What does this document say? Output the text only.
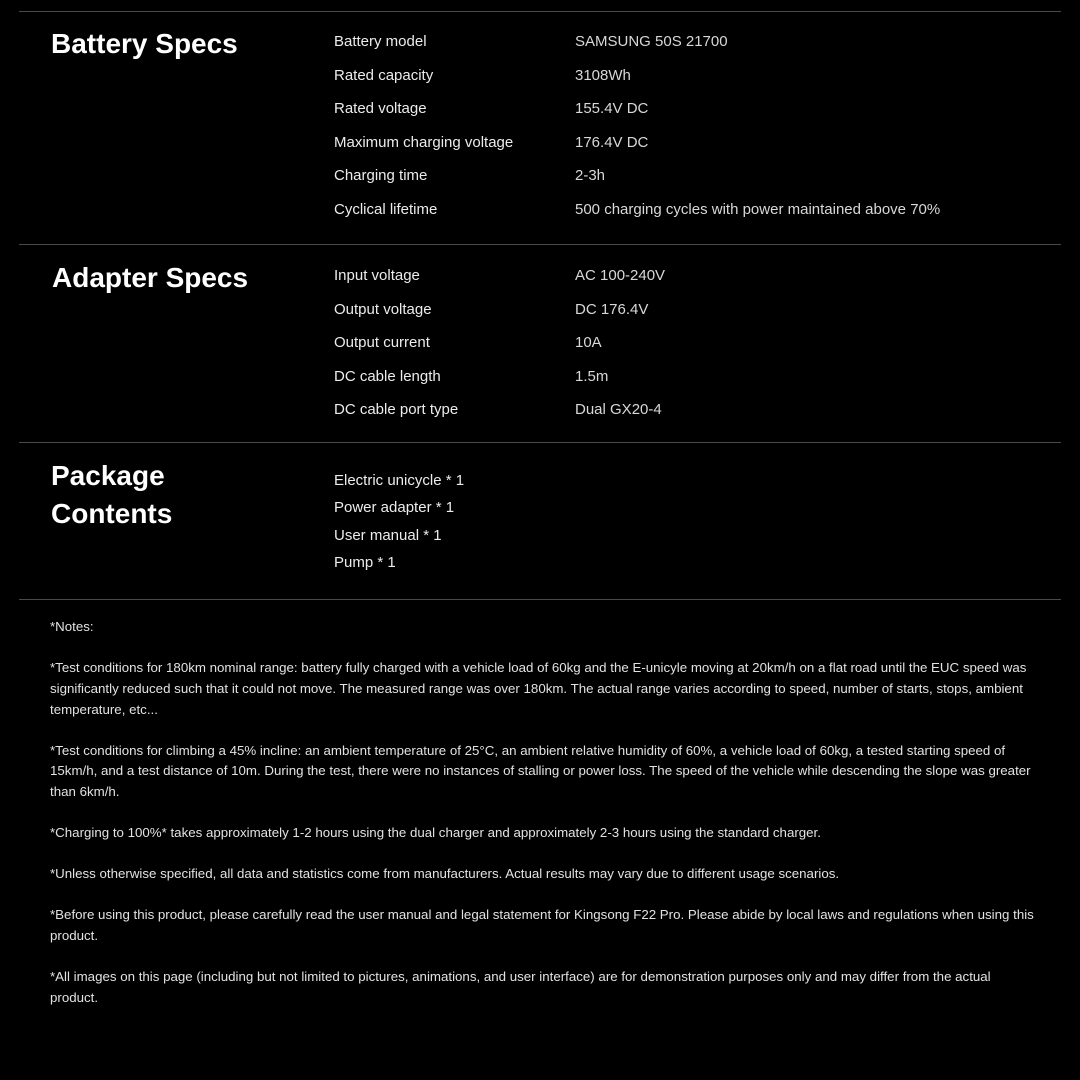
Battery Specs	Battery model	SAMSUNG 50S 21700
Rated capacity	3108Wh
Rated voltage	155.4V DC
Maximum charging voltage	176.4V DC
Charging time	2-3h
Cyclical lifetime	500 charging cycles with power maintained above 70%
Adapter Specs	Input voltage	AC 100-240V
Output voltage	DC 176.4V
Output current	10A
DC cable length	1.5m
DC cable port type	Dual GX20-4
Package
Contents
Electric unicycle * 1
Power adapter * 1
User manual * 1
Pump * 1

*Notes:

*Test conditions for 180km nominal range: battery fully charged with a vehicle load of 60kg and the E-unicyle moving at 20km/h on a flat road until the EUC speed was significantly reduced such that it could not move. The measured range was over 180km. The actual range varies according to speed, number of starts, stops, ambient temperature, etc...

*Test conditions for climbing a 45% incline: an ambient temperature of 25°C, an ambient relative humidity of 60%, a vehicle load of 60kg, a tested starting speed of 15km/h, and a test distance of 10m. During the test, there were no instances of stalling or power loss. The speed of the vehicle while descending the slope was greater than 6km/h.

*Charging to 100%* takes approximately 1-2 hours using the dual charger and approximately 2-3 hours using the standard charger.

*Unless otherwise specified, all data and statistics come from manufacturers. Actual results may vary due to different usage scenarios.

*Before using this product, please carefully read the user manual and legal statement for Kingsong F22 Pro. Please abide by local laws and regulations when using this product.

*All images on this page (including but not limited to pictures, animations, and user interface) are for demonstration purposes only and may differ from the actual product.
